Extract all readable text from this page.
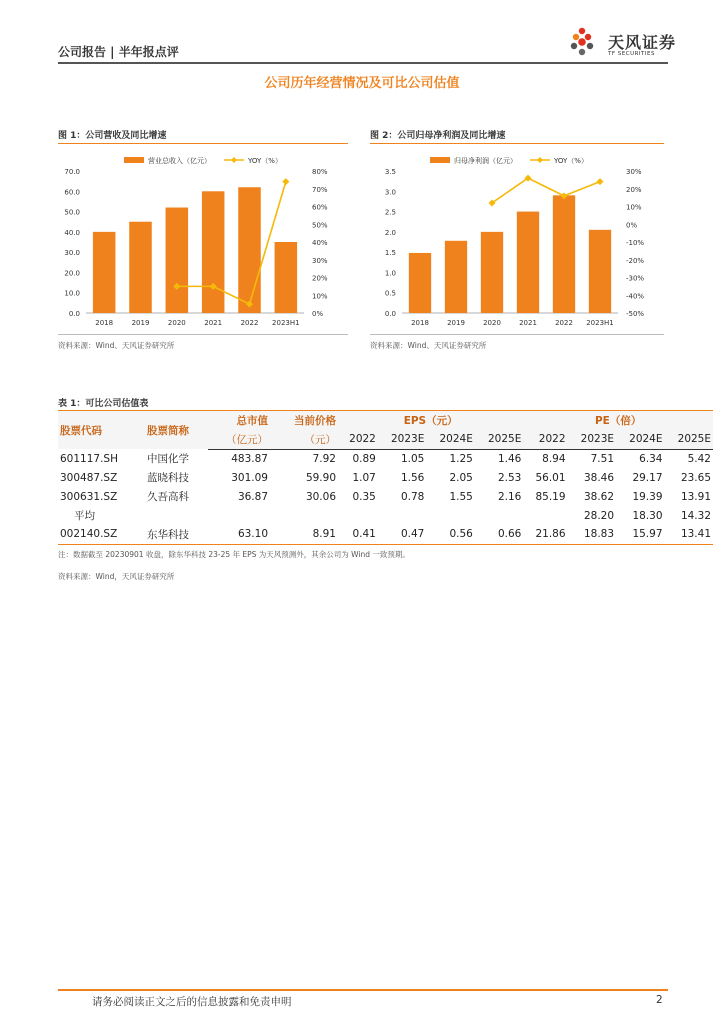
公司报告 | 半年报点评	天风证券
TF SECURITIES
公司历年经营情况及可比公司估值
图 1：公司营收及同比增速
0.0
10.0
20.0
30.0
40.0
50.0
60.0
70.0
0%
10%
20%
30%
40%
50%
60%
70%
80%
2018	2019	2020	2021	2022 2023H1
营业总收入（亿元）	YOY（%）
资料来源：Wind、天风证券研究所
图 2：公司归母净利润及同比增速
0.0
0.5
1.0
1.5
2.0
2.5
3.0
3.5
-50%
-40%
-30%
-20%
-10%
0%
10%
20%
30%
2018	2019	2020	2021	2022 2023H1
归母净利润（亿元）	YOY（%）
资料来源：Wind、天风证券研究所
表 1：可比公司估值表
股票代码	股票简称	总市值	当前价格	EPS（元）				PE（倍）			
		（亿元）	（元）	2022	2023E	2024E	2025E	2022	2023E	2024E	2025E
601117.SH	中国化学	483.87	7.92	0.89	1.05	1.25	1.46	8.94	7.51	6.34	5.42
300487.SZ	蓝晓科技	301.09	59.90	1.07	1.56	2.05	2.53	56.01	38.46	29.17	23.65
300631.SZ	久吾高科	36.87	30.06	0.35	0.78	1.55	2.16	85.19	38.62	19.39	13.91
平均									28.20	18.30	14.32
002140.SZ	东华科技	63.10	8.91	0.41	0.47	0.56	0.66	21.86	18.83	15.97	13.41
注：数据截至 20230901 收盘，除东华科技 23-25 年 EPS 为天风预测外，其余公司为 Wind 一致预期。
资料来源：Wind，天风证券研究所
请务必阅读正文之后的信息披露和免责申明	2
